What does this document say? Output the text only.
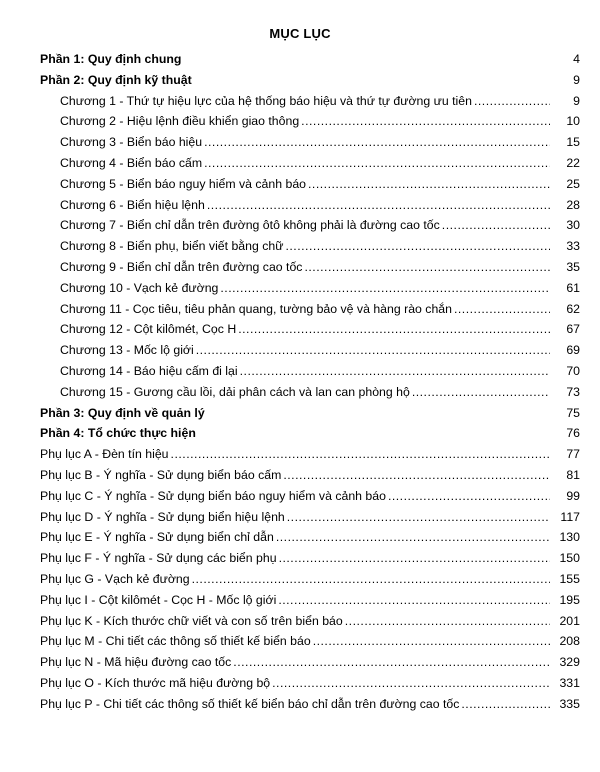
MỤC LỤC
Phần 1: Quy định chung	4
Phần 2: Quy định kỹ thuật	9
Chương 1 - Thứ tự hiệu lực của hệ thống báo hiệu và thứ tự đường ưu tiên .....	9
Chương 2 - Hiệu lệnh điều khiển giao thông .....	10
Chương 3 - Biển báo hiệu .....	15
Chương 4 - Biển báo cấm .....	22
Chương 5 - Biển báo nguy hiểm và cảnh báo .....	25
Chương 6 - Biển hiệu lệnh .....	28
Chương 7 - Biển chỉ dẫn trên đường ôtô không phải là đường cao tốc .....	30
Chương 8 - Biển phụ, biển viết bằng chữ .....	33
Chương 9 - Biển chỉ dẫn trên đường cao tốc .....	35
Chương 10 - Vạch kẻ đường .....	61
Chương 11 - Cọc tiêu, tiêu phản quang, tường bảo vệ và hàng rào chắn .....	62
Chương 12 - Cột kilômét, Cọc H .....	67
Chương 13 - Mốc lộ giới .....	69
Chương 14 - Báo hiệu cấm đi lại .....	70
Chương 15 - Gương cầu lồi, dải phân cách và lan can phòng hộ .....	73
Phần 3: Quy định về quản lý	75
Phần 4: Tổ chức thực hiện	76
Phụ lục A - Đèn tín hiệu .....	77
Phụ lục B - Ý nghĩa - Sử dụng biển báo cấm .....	81
Phụ lục C - Ý nghĩa - Sử dụng biển báo nguy hiểm và cảnh báo .....	99
Phụ lục D - Ý nghĩa - Sử dụng biển hiệu lệnh .....	117
Phụ lục E - Ý nghĩa - Sử dụng biển chỉ dẫn .....	130
Phụ lục F - Ý nghĩa - Sử dụng các biển phụ .....	150
Phụ lục G - Vạch kẻ đường .....	155
Phụ lục I - Cột kilômét - Cọc H - Mốc lộ giới .....	195
Phụ lục K - Kích thước chữ viết và con số trên biển báo .....	201
Phụ lục M - Chi tiết các thông số thiết kế biển báo .....	208
Phụ lục N - Mã hiệu đường cao tốc .....	329
Phụ lục O - Kích thước mã hiệu đường bộ .....	331
Phụ lục P - Chi tiết các thông số thiết kế biển báo chỉ dẫn trên đường cao tốc .....	335
